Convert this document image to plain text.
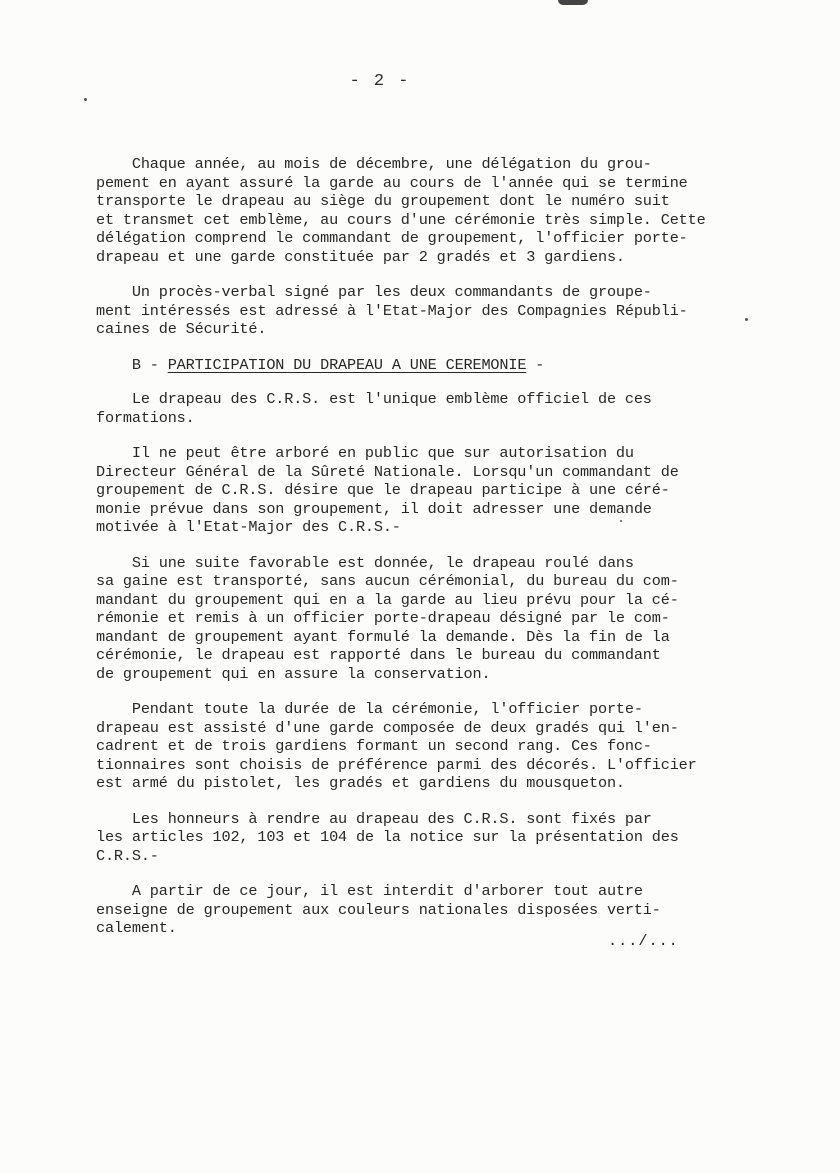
- 2 -
Chaque année, au mois de décembre, une délégation du grou-
pement en ayant assuré la garde au cours de l'année qui se termine
transporte le drapeau au siège du groupement dont le numéro suit
et transmet cet emblème, au cours d'une cérémonie très simple. Cette
délégation comprend le commandant de groupement, l'officier porte-
drapeau et une garde constituée par 2 gradés et 3 gardiens.
Un procès-verbal signé par les deux commandants de groupe-
ment intéressés est adressé à l'Etat-Major des Compagnies Républi-
caines de Sécurité.
B - PARTICIPATION DU DRAPEAU A UNE CEREMONIE -
Le drapeau des C.R.S. est l'unique emblème officiel de ces
formations.
Il ne peut être arboré en public que sur autorisation du
Directeur Général de la Sûreté Nationale. Lorsqu'un commandant de
groupement de C.R.S. désire que le drapeau participe à une céré-
monie prévue dans son groupement, il doit adresser une demande
motivée à l'Etat-Major des C.R.S.-
Si une suite favorable est donnée, le drapeau roulé dans
sa gaine est transporté, sans aucun cérémonial, du bureau du com-
mandant du groupement qui en a la garde au lieu prévu pour la cé-
rémonie et remis à un officier porte-drapeau désigné par le com-
mandant de groupement ayant formulé la demande. Dès la fin de la
cérémonie, le drapeau est rapporté dans le bureau du commandant
de groupement qui en assure la conservation.
Pendant toute la durée de la cérémonie, l'officier porte-
drapeau est assisté d'une garde composée de deux gradés qui l'en-
cadrent et de trois gardiens formant un second rang. Ces fonc-
tionnaires sont choisis de préférence parmi des décorés. L'officier
est armé du pistolet, les gradés et gardiens du mousqueton.
Les honneurs à rendre au drapeau des C.R.S. sont fixés par
les articles 102, 103 et 104 de la notice sur la présentation des
C.R.S.-
A partir de ce jour, il est interdit d'arborer tout autre
enseigne de groupement aux couleurs nationales disposées verti-
calement.
.../...
